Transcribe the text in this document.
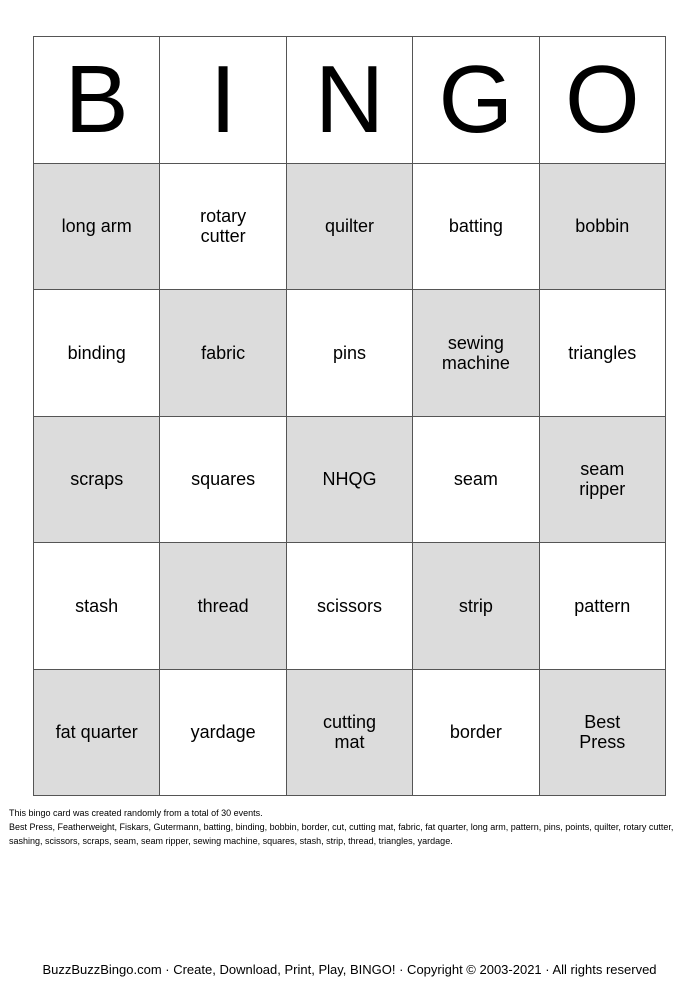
B I N G O
long arm	rotary cutter	quilter	batting	bobbin
binding	fabric	pins	sewing machine	triangles
scraps	squares	NHQG	seam	seam ripper
stash	thread	scissors	strip	pattern
fat quarter	yardage	cutting mat	border	Best Press
This bingo card was created randomly from a total of 30 events.
Best Press, Featherweight, Fiskars, Gutermann, batting, binding, bobbin, border, cut, cutting mat, fabric, fat quarter, long arm, pattern, pins, points, quilter, rotary cutter, sashing, scissors, scraps, seam, seam ripper, sewing machine, squares, stash, strip, thread, triangles, yardage.
BuzzBuzzBingo.com · Create, Download, Print, Play, BINGO! · Copyright © 2003-2021 · All rights reserved
